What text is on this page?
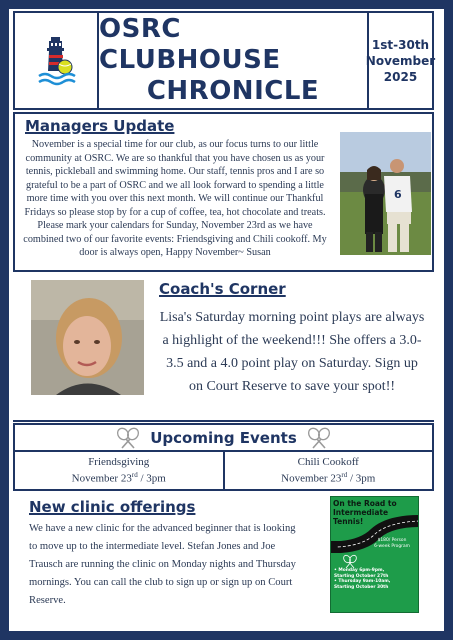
OSRC CLUBHOUSE
CHRONICLE
1st-30th
November
2025
Managers Update
November is a special time for our club, as our focus turns to our little community at OSRC. We are so thankful that you have chosen us as your tennis, pickleball and swimming home. Our staff, tennis pros and I are so grateful to be a part of OSRC and we all look forward to spending a little more time with you over this next month. We will continue our Thankful Fridays so please stop by for a cup of coffee, tea, hot chocolate and treats. Please mark your calendars for Sunday, November 23rd as we have combined two of our favorite events: Friendsgiving and Chili cookoff. My door is always open, Happy November~ Susan
6
Coach's Corner
Lisa's Saturday morning point plays are always a highlight of the weekend!!! She offers a 3.0-3.5 and a 4.0 point play on Saturday. Sign up on Court Reserve to save your spot!!
Upcoming Events
Friendsgiving
November 23rd / 3pm
Chili Cookoff
November 23rd / 3pm
New clinic offerings
We have a new clinic for the advanced beginner that is looking to move up to the intermediate level. Stefan Jones and Joe Trausch are running the clinic on Monday nights and Thursday mornings. You can call the club to sign up or sign up on Court Reserve.
On the Road to Intermediate Tennis!
$180/ Person
6-week Program
• Monday 6pm-9pm,
Starting October 27th
• Thursday 9am-10am,
Starting October 30th
